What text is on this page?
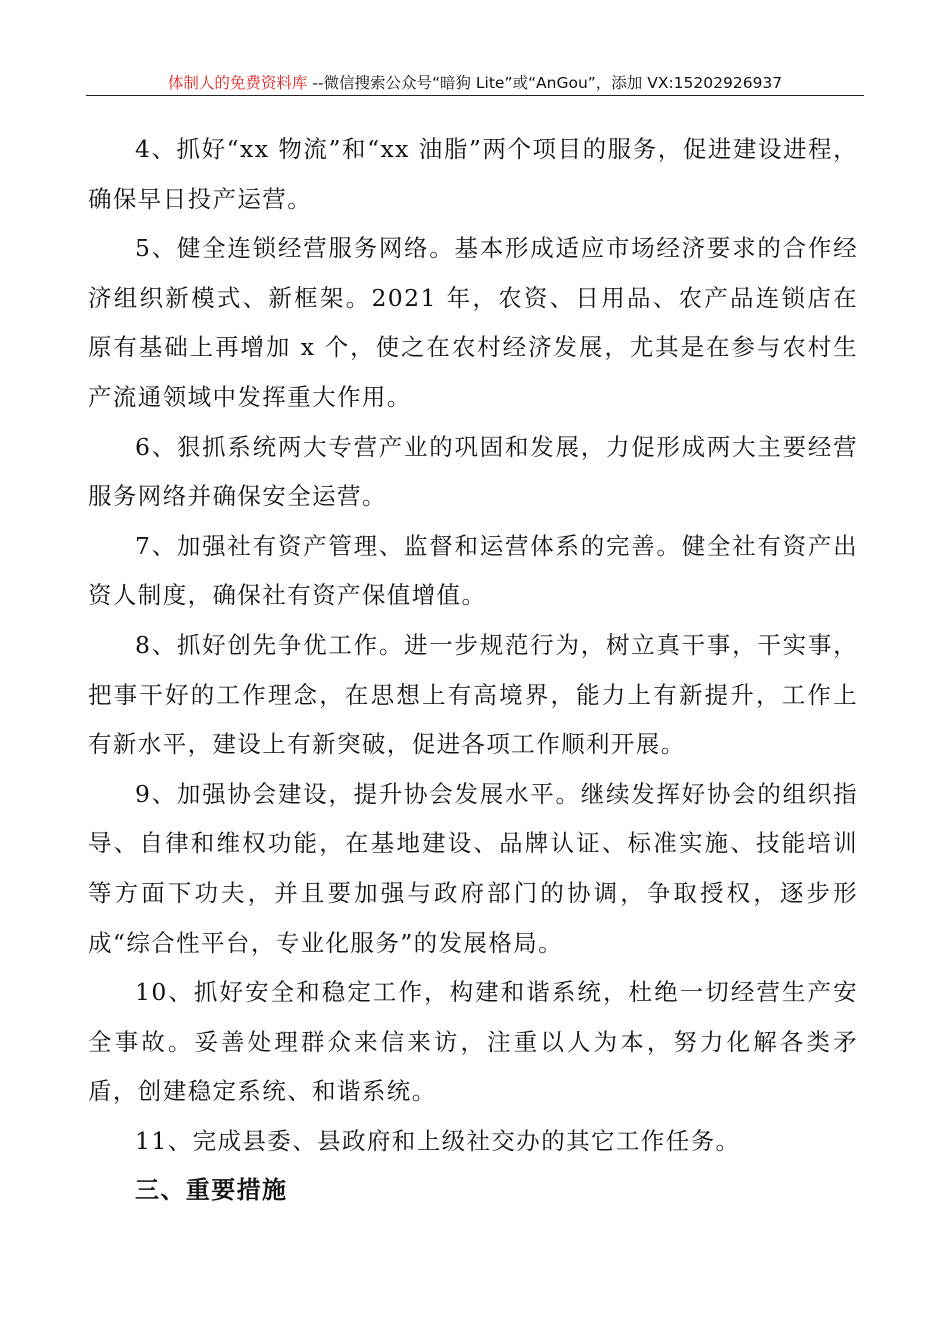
体制人的免费资料库 --微信搜索公众号“暗狗 Lite”或“AnGou”，添加 VX:15202926937

4、抓好“xx 物流”和“xx 油脂”两个项目的服务，促进建设进程，确保早日投产运营。

5、健全连锁经营服务网络。基本形成适应市场经济要求的合作经济组织新模式、新框架。2021 年，农资、日用品、农产品连锁店在原有基础上再增加 x 个，使之在农村经济发展，尤其是在参与农村生产流通领域中发挥重大作用。

6、狠抓系统两大专营产业的巩固和发展，力促形成两大主要经营服务网络并确保安全运营。

7、加强社有资产管理、监督和运营体系的完善。健全社有资产出资人制度，确保社有资产保值增值。

8、抓好创先争优工作。进一步规范行为，树立真干事，干实事，把事干好的工作理念，在思想上有高境界，能力上有新提升，工作上有新水平，建设上有新突破，促进各项工作顺利开展。

9、加强协会建设，提升协会发展水平。继续发挥好协会的组织指导、自律和维权功能，在基地建设、品牌认证、标准实施、技能培训等方面下功夫，并且要加强与政府部门的协调，争取授权，逐步形成“综合性平台，专业化服务”的发展格局。

10、抓好安全和稳定工作，构建和谐系统，杜绝一切经营生产安全事故。妥善处理群众来信来访，注重以人为本，努力化解各类矛盾，创建稳定系统、和谐系统。

11、完成县委、县政府和上级社交办的其它工作任务。

三、重要措施
